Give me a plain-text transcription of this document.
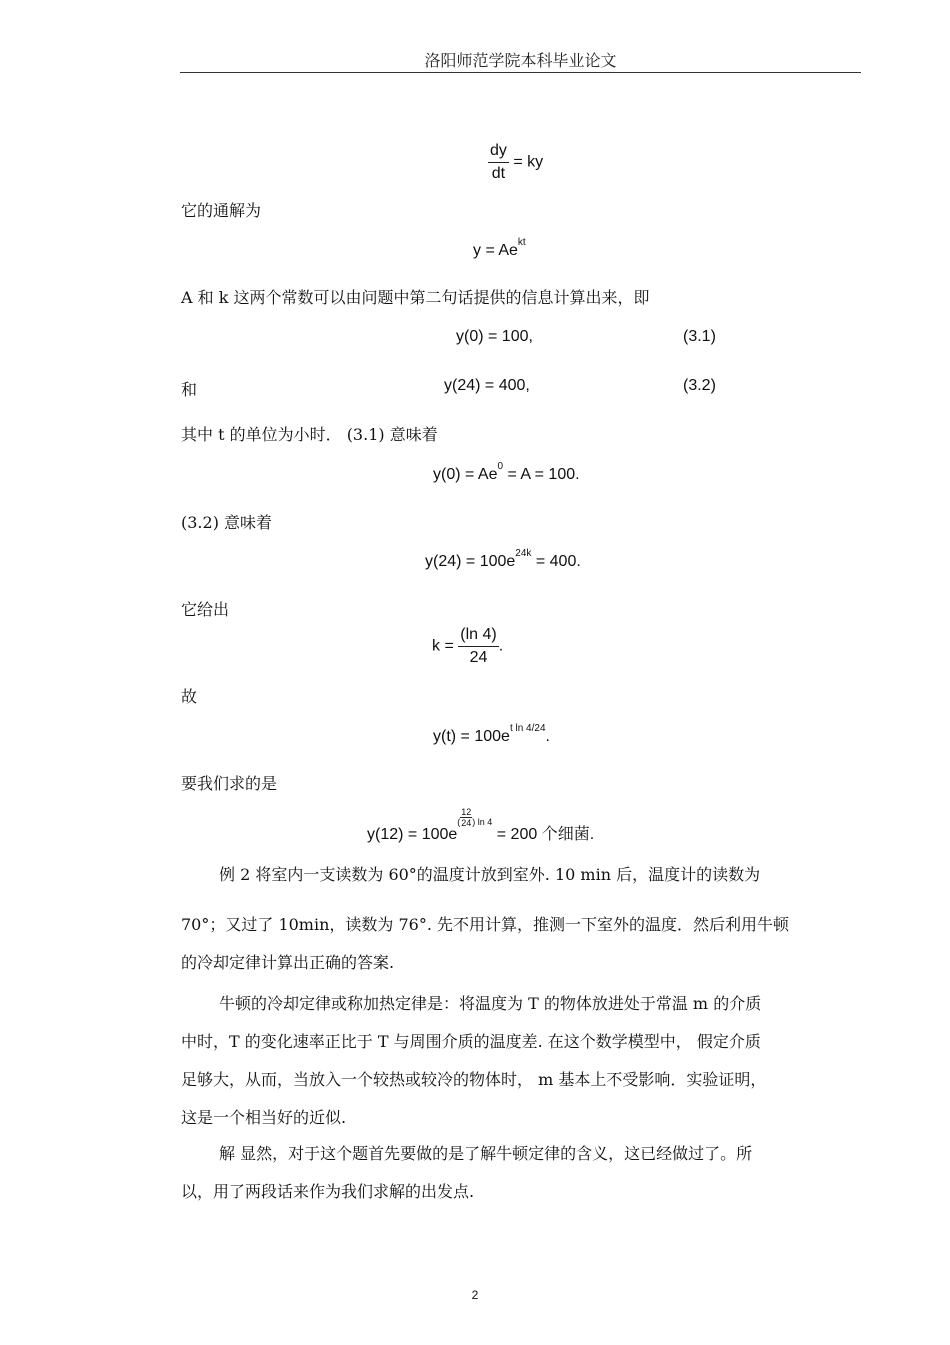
洛阳师范学院本科毕业论文
$\frac{dy}{dt}$ = ky
它的通解为
$y = Ae^{kt}$
A 和 k 这两个常数可以由问题中第二句话提供的信息计算出来，即
y(0) = 100,	(3.1)
和	y(24) = 400,	(3.2)
其中 t 的单位为小时． (3.1) 意味着
$y(0) = Ae^0 = A = 100$.
(3.2) 意味着
$y(24) = 100e^{24k} = 400$.
它给出
$k = \frac{(\ln 4)}{24}$ .
故
$y(t) = 100e^{t ln 4/24}$.
要我们求的是
$y(12) = 100e( \frac{12}{24}$ ) ln 4 = 200 个细菌.

例 2 将室内一支读数为 60°的温度计放到室外. 10 min 后，温度计的读数为

70°；又过了 10min，读数为 76°. 先不用计算，推测一下室外的温度．然后利用牛顿

的冷却定律计算出正确的答案.

牛顿的冷却定律或称加热定律是：将温度为 T 的物体放进处于常温 m 的介质

中时，T 的变化速率正比于 T 与周围介质的温度差. 在这个数学模型中， 假定介质

足够大，从而，当放入一个较热或较冷的物体时， m 基本上不受影响．实验证明，

这是一个相当好的近似.

解 显然，对于这个题首先要做的是了解牛顿定律的含义，这已经做过了。所

以，用了两段话来作为我们求解的出发点.

2
